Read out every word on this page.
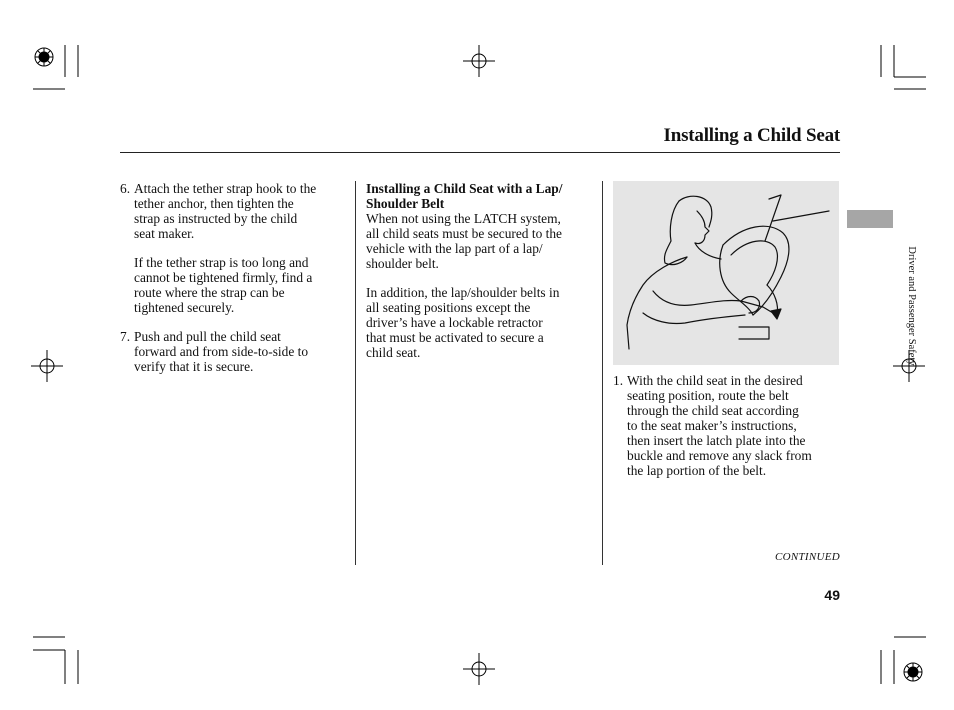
Installing a Child Seat
6. Attach the tether strap hook to the
tether anchor, then tighten the
strap as instructed by the child
seat maker.
If the tether strap is too long and
cannot be tightened firmly, find a
route where the strap can be
tightened securely.
7. Push and pull the child seat
forward and from side-to-side to
verify that it is secure.
Installing a Child Seat with a Lap/
Shoulder Belt
When not using the LATCH system,
all child seats must be secured to the
vehicle with the lap part of a lap/
shoulder belt.
In addition, the lap/shoulder belts in
all seating positions except the
driver’s have a lockable retractor
that must be activated to secure a
child seat.
1. With the child seat in the desired
seating position, route the belt
through the child seat according
to the seat maker’s instructions,
then insert the latch plate into the
buckle and remove any slack from
the lap portion of the belt.
Driver and Passenger Safety
CONTINUED
49
